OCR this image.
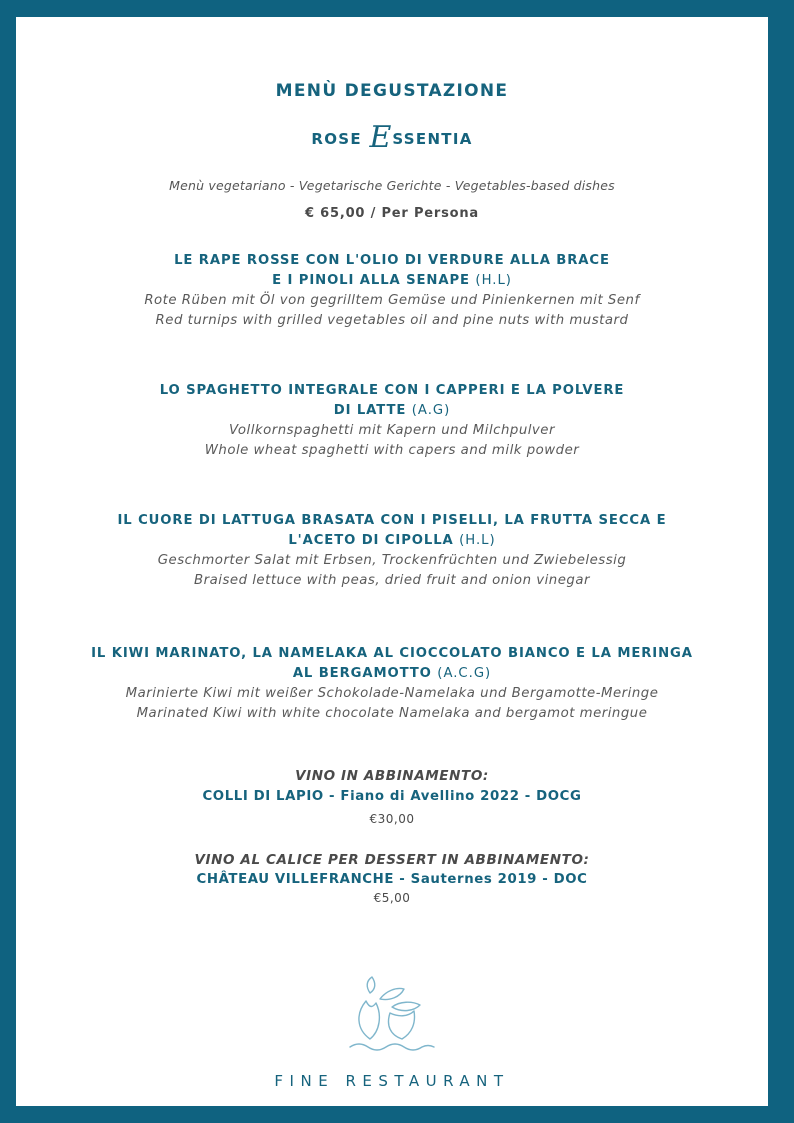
MENÙ DEGUSTAZIONE
ROSE ESSENTIA
Menù vegetariano - Vegetarische Gerichte - Vegetables-based dishes
€ 65,00 / Per Persona
LE RAPE ROSSE CON L'OLIO DI VERDURE ALLA BRACE
E I PINOLI ALLA SENAPE (H.L)
Rote Rüben mit Öl von gegrilltem Gemüse und Pinienkernen mit Senf
Red turnips with grilled vegetables oil and pine nuts with mustard
LO SPAGHETTO INTEGRALE CON I CAPPERI E LA POLVERE
DI LATTE (A.G)
Vollkornspaghetti mit Kapern und Milchpulver
Whole wheat spaghetti with capers and milk powder
IL CUORE DI LATTUGA BRASATA CON I PISELLI, LA FRUTTA SECCA E
L'ACETO DI CIPOLLA (H.L)
Geschmorter Salat mit Erbsen, Trockenfrüchten und Zwiebelessig
Braised lettuce with peas, dried fruit and onion vinegar
IL KIWI MARINATO, LA NAMELAKA AL CIOCCOLATO BIANCO E LA MERINGA
AL BERGAMOTTO (A.C.G)
Marinierte Kiwi mit weißer Schokolade-Namelaka und Bergamotte-Meringe
Marinated Kiwi with white chocolate Namelaka and bergamot meringue
VINO IN ABBINAMENTO:
COLLI DI LAPIO - Fiano di Avellino 2022 - DOCG
€30,00
VINO AL CALICE PER DESSERT IN ABBINAMENTO:
CHÂTEAU VILLEFRANCHE - Sauternes 2019 - DOC
€5,00
FINE RESTAURANT
